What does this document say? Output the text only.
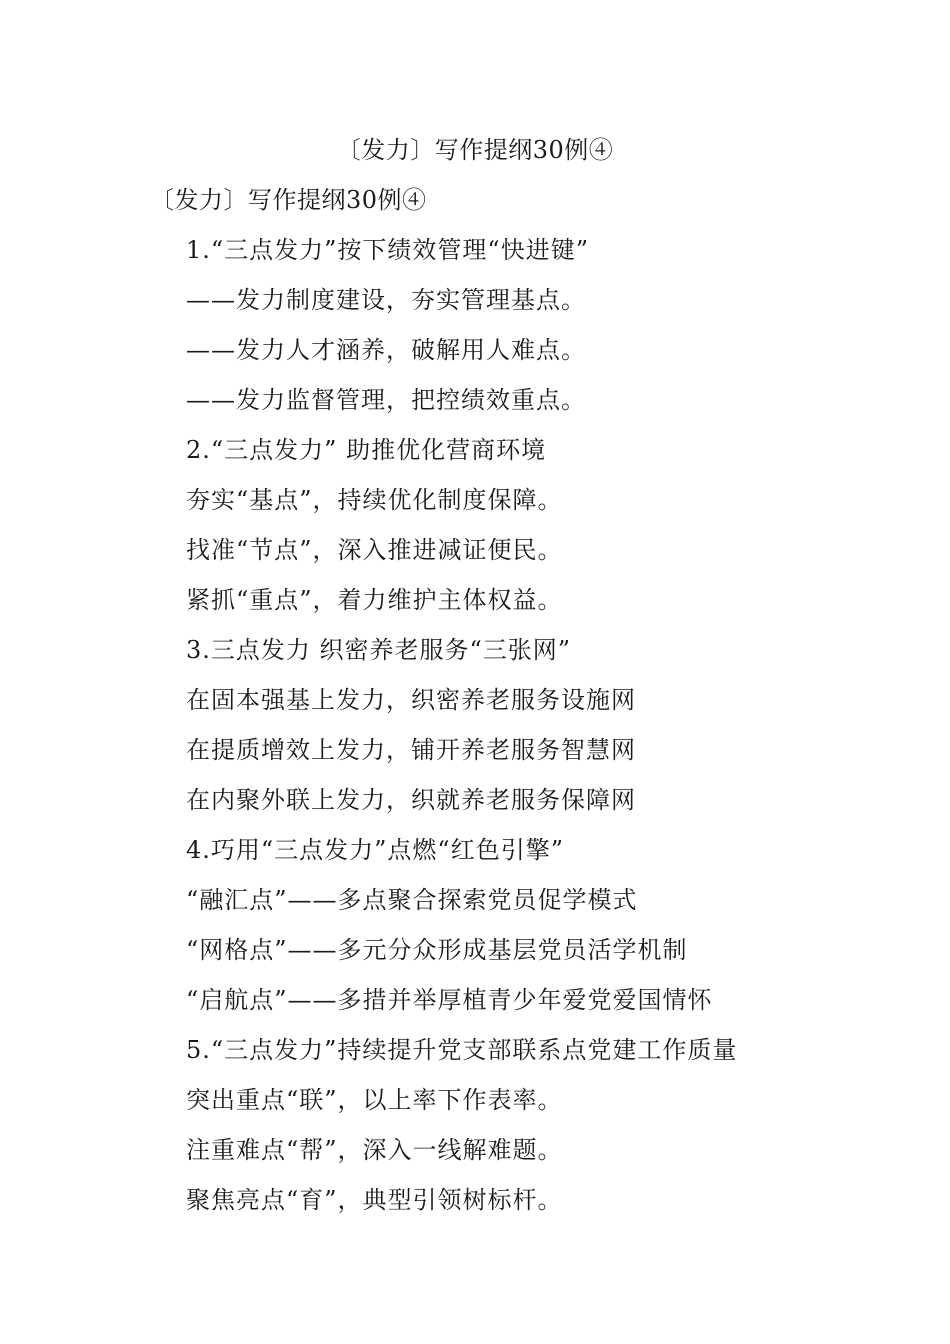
〔发力〕写作提纲30例④
〔发力〕写作提纲30例④
1.“三点发力”按下绩效管理“快进键”
——发力制度建设，夯实管理基点。
——发力人才涵养，破解用人难点。
——发力监督管理，把控绩效重点。
2.“三点发力” 助推优化营商环境
夯实“基点”，持续优化制度保障。
找准“节点”，深入推进减证便民。
紧抓“重点”，着力维护主体权益。
3.三点发力 织密养老服务“三张网”
在固本强基上发力，织密养老服务设施网
在提质增效上发力，铺开养老服务智慧网
在内聚外联上发力，织就养老服务保障网
4.巧用“三点发力”点燃“红色引擎”
“融汇点”——多点聚合探索党员促学模式
“网格点”——多元分众形成基层党员活学机制
“启航点”——多措并举厚植青少年爱党爱国情怀
5.“三点发力”持续提升党支部联系点党建工作质量
突出重点“联”，以上率下作表率。
注重难点“帮”，深入一线解难题。
聚焦亮点“育”，典型引领树标杆。
